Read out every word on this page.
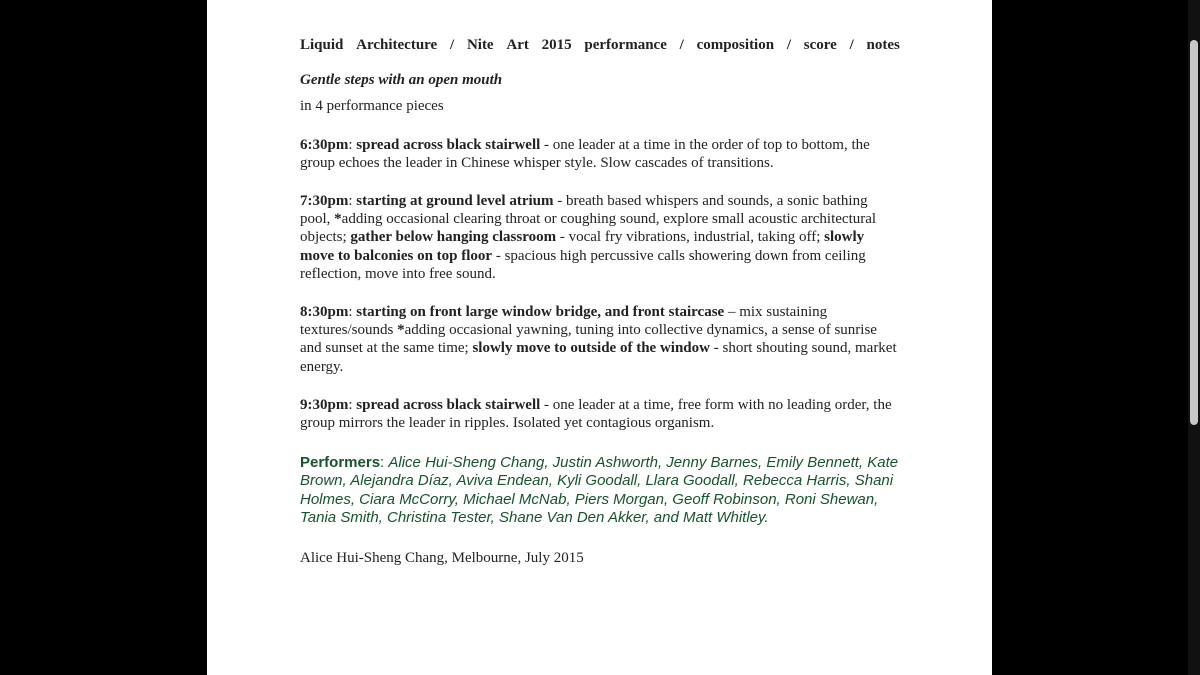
Liquid Architecture / Nite Art 2015 performance / composition / score / notes

Gentle steps with an open mouth

in 4 performance pieces

6:30pm: spread across black stairwell - one leader at a time in the order of top to bottom, the group echoes the leader in Chinese whisper style. Slow cascades of transitions.

7:30pm: starting at ground level atrium - breath based whispers and sounds, a sonic bathing pool, *adding occasional clearing throat or coughing sound, explore small acoustic architectural objects; gather below hanging classroom - vocal fry vibrations, industrial, taking off; slowly move to balconies on top floor - spacious high percussive calls showering down from ceiling reflection, move into free sound.

8:30pm: starting on front large window bridge, and front staircase – mix sustaining textures/sounds *adding occasional yawning, tuning into collective dynamics, a sense of sunrise and sunset at the same time; slowly move to outside of the window - short shouting sound, market energy.

9:30pm: spread across black stairwell - one leader at a time, free form with no leading order, the group mirrors the leader in ripples. Isolated yet contagious organism.

Performers: Alice Hui-Sheng Chang, Justin Ashworth, Jenny Barnes, Emily Bennett, Kate Brown, Alejandra Díaz, Aviva Endean, Kyli Goodall, Llara Goodall, Rebecca Harris, Shani Holmes, Ciara McCorry, Michael McNab, Piers Morgan, Geoff Robinson, Roni Shewan, Tania Smith, Christina Tester, Shane Van Den Akker, and Matt Whitley.

Alice Hui-Sheng Chang, Melbourne, July 2015
